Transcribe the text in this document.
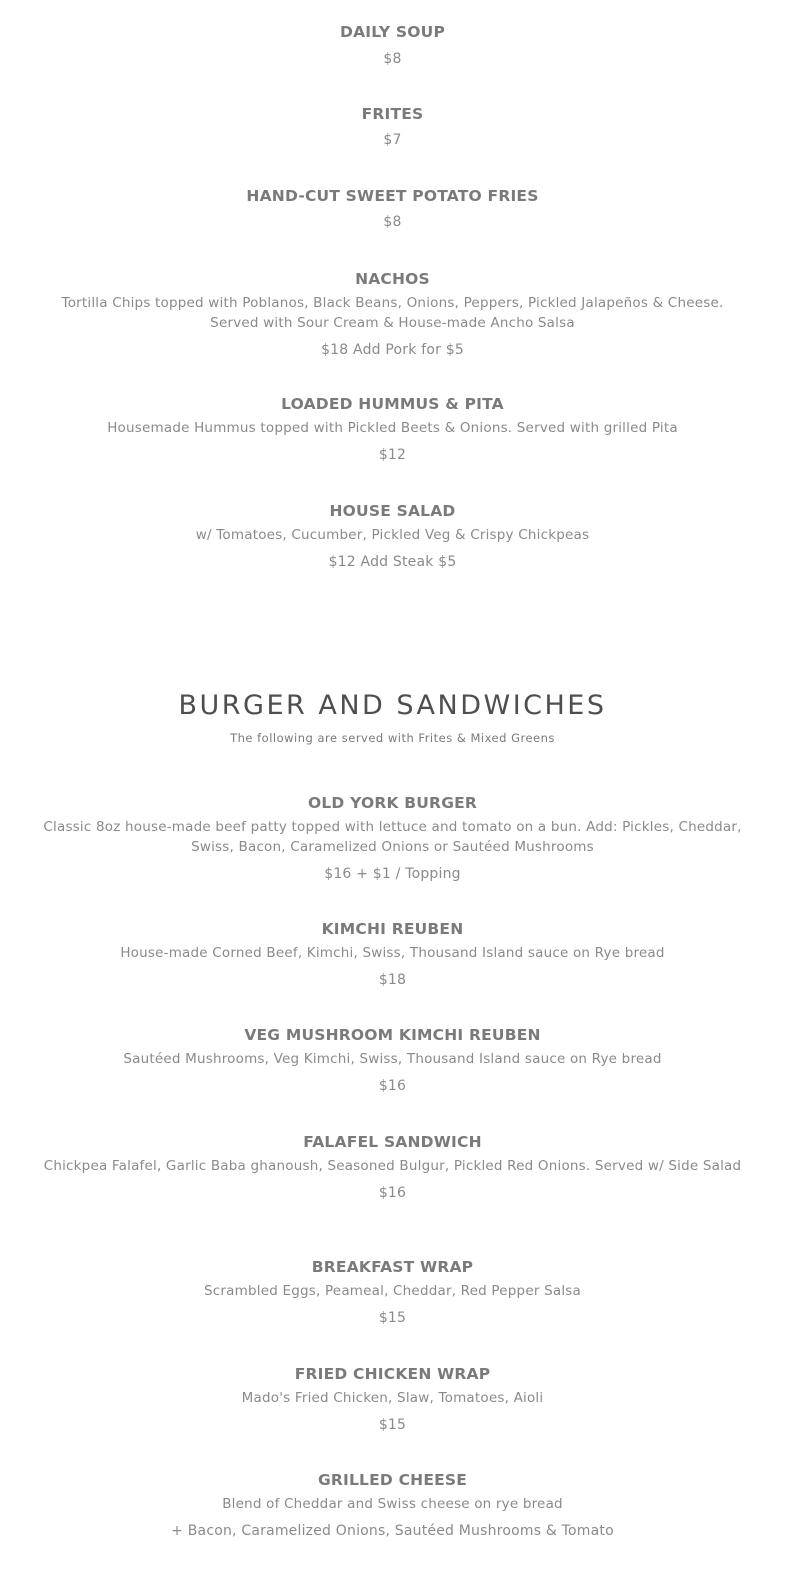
DAILY SOUP

$8

FRITES

$7

HAND-CUT SWEET POTATO FRIES

$8

NACHOS

Tortilla Chips topped with Poblanos, Black Beans, Onions, Peppers, Pickled Jalapeños & Cheese. Served with Sour Cream & House-made Ancho Salsa

$18 Add Pork for $5

LOADED HUMMUS & PITA

Housemade Hummus topped with Pickled Beets & Onions. Served with grilled Pita

$12

HOUSE SALAD

w/ Tomatoes, Cucumber, Pickled Veg & Crispy Chickpeas

$12 Add Steak $5

BURGER AND SANDWICHES

The following are served with Frites & Mixed Greens

OLD YORK BURGER

Classic 8oz house-made beef patty topped with lettuce and tomato on a bun. Add: Pickles, Cheddar, Swiss, Bacon, Caramelized Onions or Sautéed Mushrooms

$16 + $1 / Topping

KIMCHI REUBEN

House-made Corned Beef, Kimchi, Swiss, Thousand Island sauce on Rye bread

$18

VEG MUSHROOM KIMCHI REUBEN

Sautéed Mushrooms, Veg Kimchi, Swiss, Thousand Island sauce on Rye bread

$16

FALAFEL SANDWICH

Chickpea Falafel, Garlic Baba ghanoush, Seasoned Bulgur, Pickled Red Onions. Served w/ Side Salad

$16

BREAKFAST WRAP

Scrambled Eggs, Peameal, Cheddar, Red Pepper Salsa

$15

FRIED CHICKEN WRAP

Mado's Fried Chicken, Slaw, Tomatoes, Aioli

$15

GRILLED CHEESE

Blend of Cheddar and Swiss cheese on rye bread

+ Bacon, Caramelized Onions, Sautéed Mushrooms & Tomato
